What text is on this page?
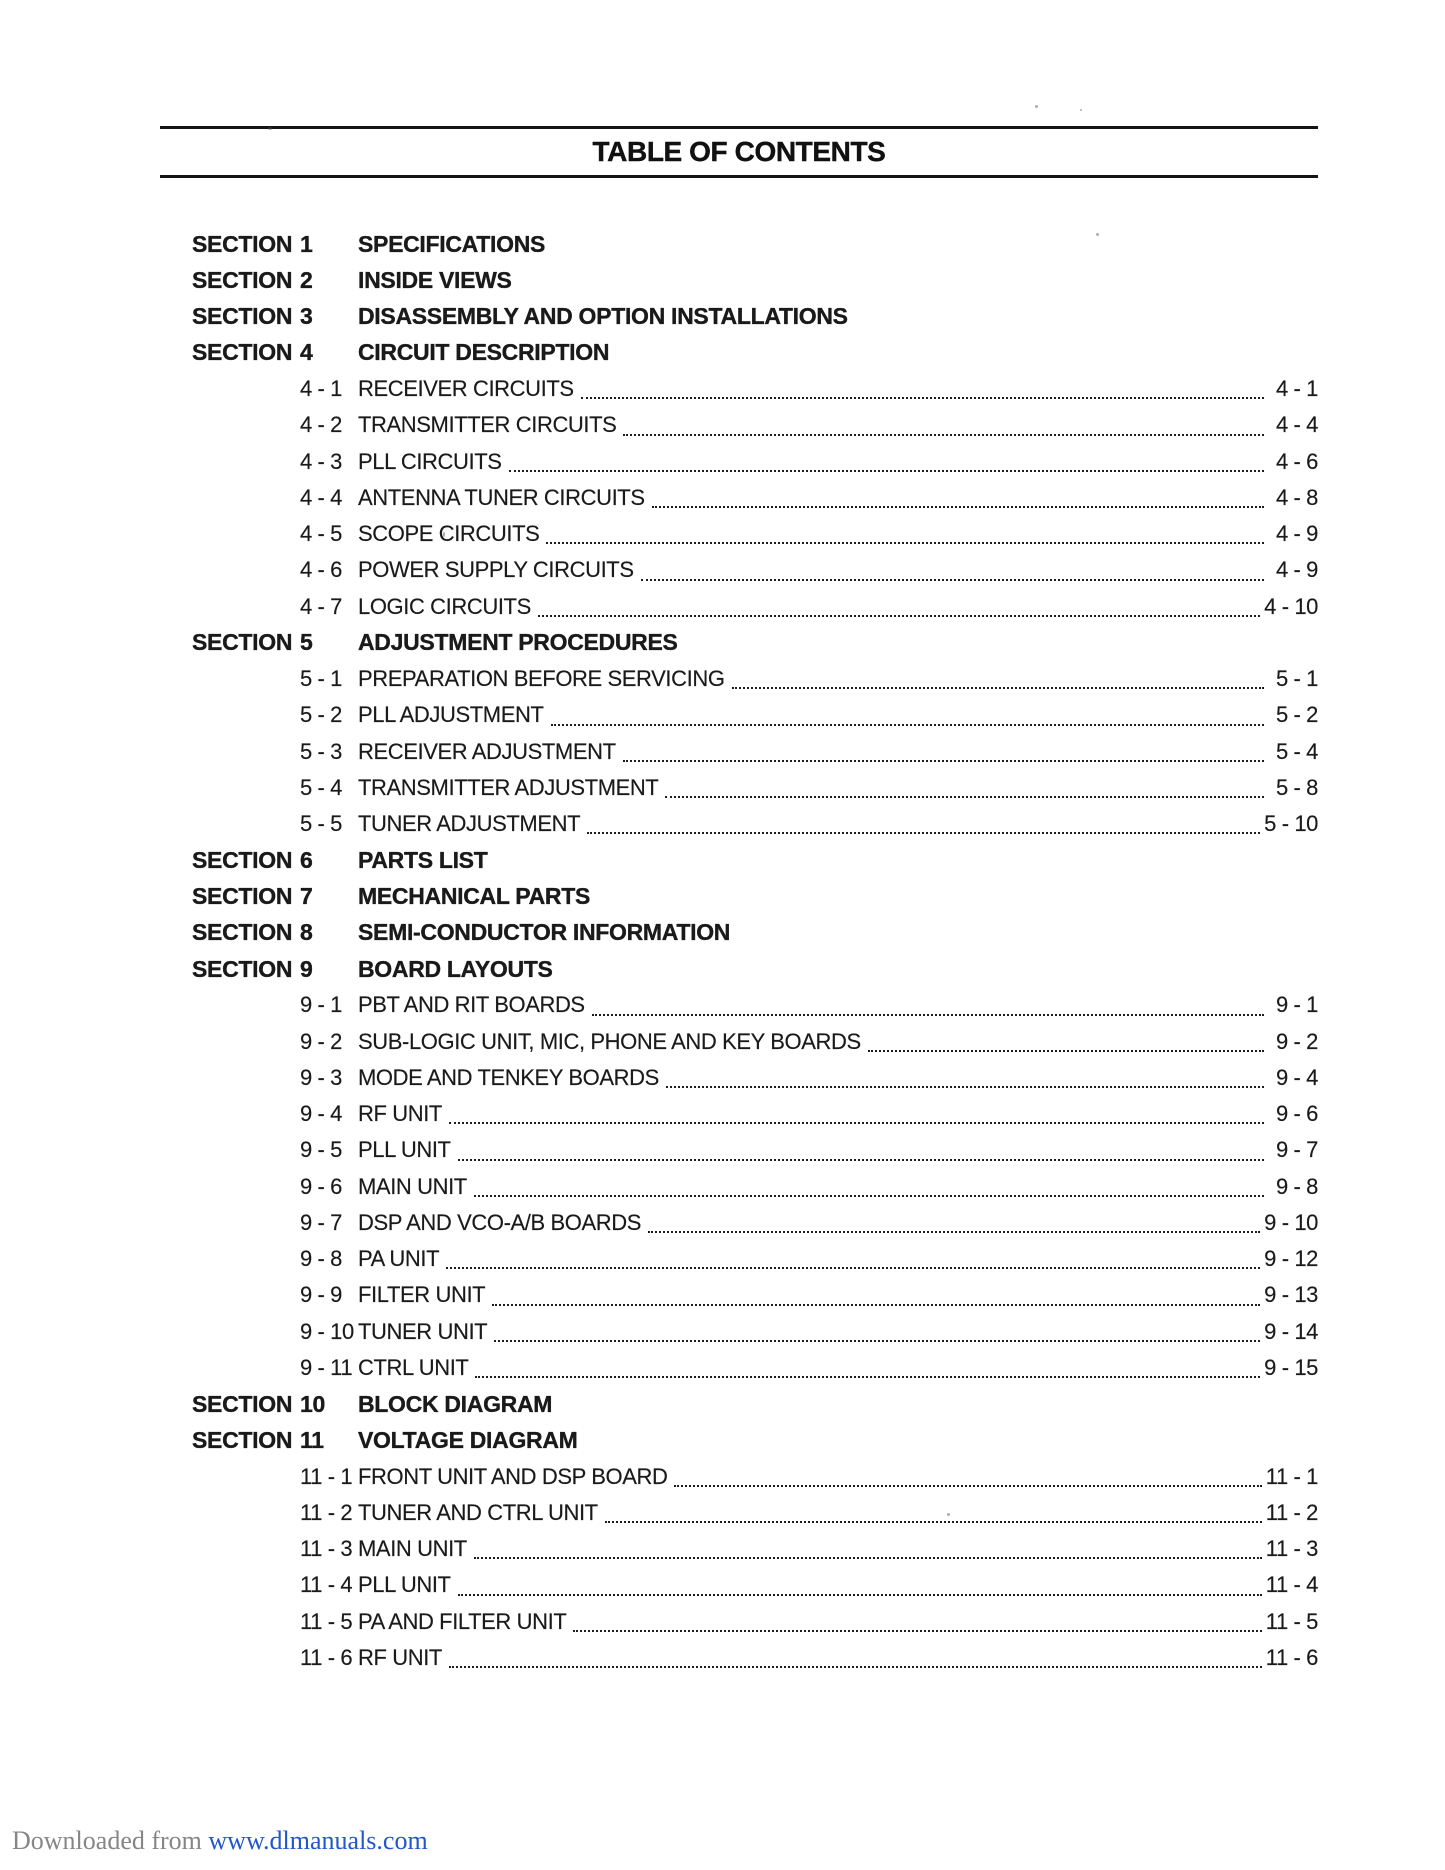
TABLE OF CONTENTS
SECTION 1	SPECIFICATIONS
SECTION 2	INSIDE VIEWS
SECTION 3	DISASSEMBLY AND OPTION INSTALLATIONS
SECTION 4	CIRCUIT DESCRIPTION
4 - 1 RECEIVER CIRCUITS	4 - 1
4 - 2 TRANSMITTER CIRCUITS	4 - 4
4 - 3 PLL CIRCUITS	4 - 6
4 - 4 ANTENNA TUNER CIRCUITS	4 - 8
4 - 5 SCOPE CIRCUITS	4 - 9
4 - 6 POWER SUPPLY CIRCUITS	4 - 9
4 - 7 LOGIC CIRCUITS	4 - 10
SECTION 5	ADJUSTMENT PROCEDURES
5 - 1 PREPARATION BEFORE SERVICING	5 - 1
5 - 2 PLL ADJUSTMENT	5 - 2
5 - 3 RECEIVER ADJUSTMENT	5 - 4
5 - 4 TRANSMITTER ADJUSTMENT	5 - 8
5 - 5 TUNER ADJUSTMENT	5 - 10
SECTION 6	PARTS LIST
SECTION 7	MECHANICAL PARTS
SECTION 8	SEMI-CONDUCTOR INFORMATION
SECTION 9	BOARD LAYOUTS
9 - 1 PBT AND RIT BOARDS	9 - 1
9 - 2 SUB-LOGIC UNIT, MIC, PHONE AND KEY BOARDS	9 - 2
9 - 3 MODE AND TENKEY BOARDS	9 - 4
9 - 4 RF UNIT	9 - 6
9 - 5 PLL UNIT	9 - 7
9 - 6 MAIN UNIT	9 - 8
9 - 7 DSP AND VCO-A/B BOARDS	9 - 10
9 - 8 PA UNIT	9 - 12
9 - 9 FILTER UNIT	9 - 13
9 - 10 TUNER UNIT	9 - 14
9 - 11 CTRL UNIT	9 - 15
SECTION 10	BLOCK DIAGRAM
SECTION 11	VOLTAGE DIAGRAM
11 - 1 FRONT UNIT AND DSP BOARD	11 - 1
11 - 2 TUNER AND CTRL UNIT	11 - 2
11 - 3 MAIN UNIT	11 - 3
11 - 4 PLL UNIT	11 - 4
11 - 5 PA AND FILTER UNIT	11 - 5
11 - 6 RF UNIT	11 - 6
Downloaded from www.dlmanuals.com
